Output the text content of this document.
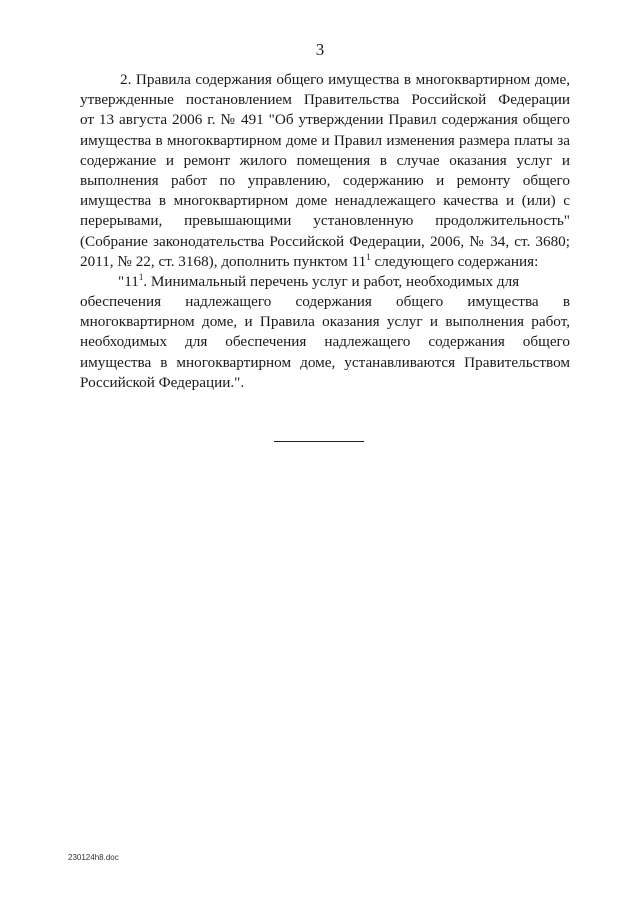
3
2. Правила содержания общего имущества в многоквартирном доме,
утвержденные постановлением Правительства Российской Федерации
от 13 августа 2006 г. № 491 "Об утверждении Правил содержания общего
имущества в многоквартирном доме и Правил изменения размера платы за
содержание и ремонт жилого помещения в случае оказания услуг и
выполнения работ по управлению, содержанию и ремонту общего
имущества в многоквартирном доме ненадлежащего качества и (или) с
перерывами, превышающими установленную продолжительность"
(Собрание законодательства Российской Федерации, 2006, № 34, ст. 3680;
2011, № 22, ст. 3168), дополнить пунктом $11^1$ следующего содержания:
"$11^1$. Минимальный перечень услуг и работ, необходимых для
обеспечения надлежащего содержания общего имущества в
многоквартирном доме, и Правила оказания услуг и выполнения работ,
необходимых для обеспечения надлежащего содержания общего
имущества в многоквартирном доме, устанавливаются Правительством
Российской Федерации.".
230124h8.doc
